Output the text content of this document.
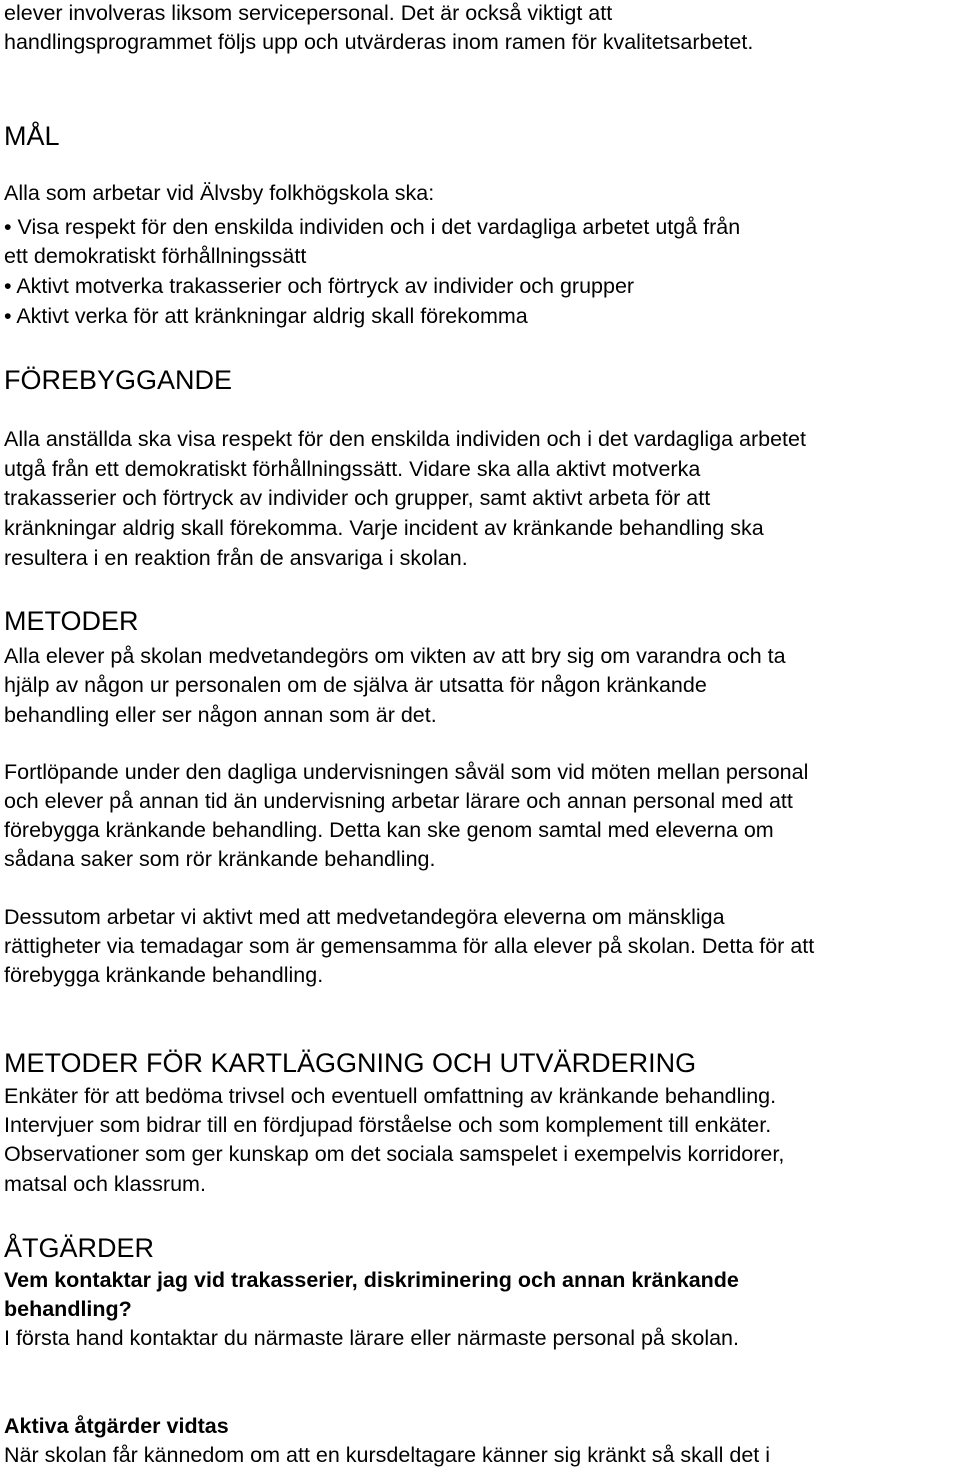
elever involveras liksom servicepersonal. Det är också viktigt att
handlingsprogrammet följs upp och utvärderas inom ramen för kvalitetsarbetet.
MÅL
Alla som arbetar vid Älvsby folkhögskola ska:
• Visa respekt för den enskilda individen och i det vardagliga arbetet utgå från
ett demokratiskt förhållningssätt
• Aktivt motverka trakasserier och förtryck av individer och grupper
• Aktivt verka för att kränkningar aldrig skall förekomma
FÖREBYGGANDE
Alla anställda ska visa respekt för den enskilda individen och i det vardagliga arbetet
utgå från ett demokratiskt förhållningssätt. Vidare ska alla aktivt motverka
trakasserier och förtryck av individer och grupper, samt aktivt arbeta för att
kränkningar aldrig skall förekomma. Varje incident av kränkande behandling ska
resultera i en reaktion från de ansvariga i skolan.
METODER
Alla elever på skolan medvetandegörs om vikten av att bry sig om varandra och ta
hjälp av någon ur personalen om de själva är utsatta för någon kränkande
behandling eller ser någon annan som är det.
Fortlöpande under den dagliga undervisningen såväl som vid möten mellan personal
och elever på annan tid än undervisning arbetar lärare och annan personal med att
förebygga kränkande behandling. Detta kan ske genom samtal med eleverna om
sådana saker som rör kränkande behandling.
Dessutom arbetar vi aktivt med att medvetandegöra eleverna om mänskliga
rättigheter via temadagar som är gemensamma för alla elever på skolan. Detta för att
förebygga kränkande behandling.
METODER FÖR KARTLÄGGNING OCH UTVÄRDERING
Enkäter för att bedöma trivsel och eventuell omfattning av kränkande behandling.
Intervjuer som bidrar till en fördjupad förståelse och som komplement till enkäter.
Observationer som ger kunskap om det sociala samspelet i exempelvis korridorer,
matsal och klassrum.
ÅTGÄRDER
Vem kontaktar jag vid trakasserier, diskriminering och annan kränkande
behandling?
I första hand kontaktar du närmaste lärare eller närmaste personal på skolan.
Aktiva åtgärder vidtas
När skolan får kännedom om att en kursdeltagare känner sig kränkt så skall det i
